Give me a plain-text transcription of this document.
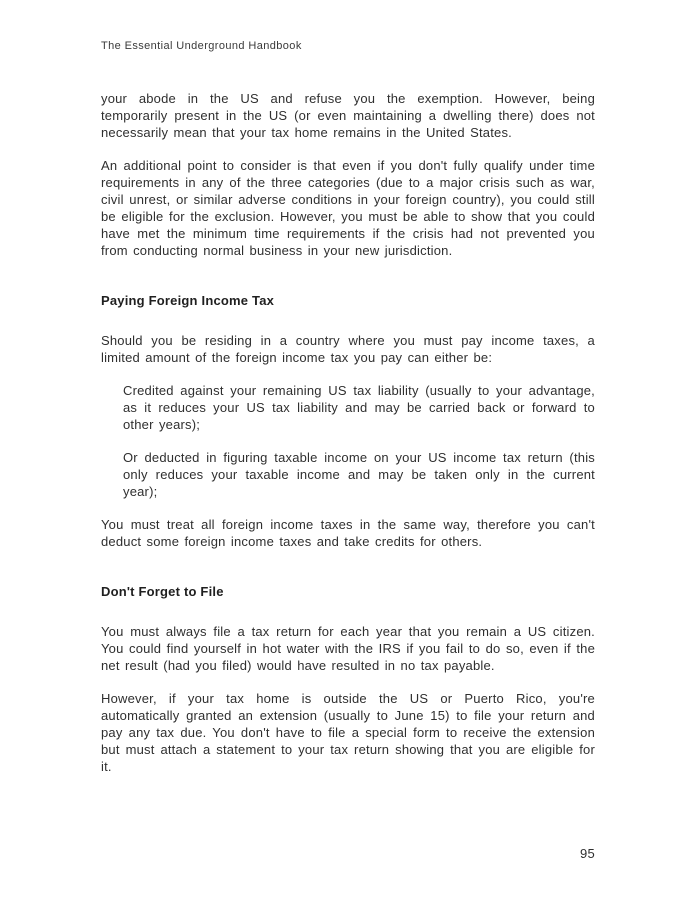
The Essential Underground Handbook

your abode in the US and refuse you the exemption. However, being temporarily present in the US (or even maintaining a dwelling there) does not necessarily mean that your tax home remains in the United States.

An additional point to consider is that even if you don't fully qualify under time requirements in any of the three categories (due to a major crisis such as war, civil unrest, or similar adverse conditions in your foreign country), you could still be eligible for the exclusion. However, you must be able to show that you could have met the minimum time requirements if the crisis had not prevented you from conducting normal business in your new jurisdiction.

Paying Foreign Income Tax

Should you be residing in a country where you must pay income taxes, a limited amount of the foreign income tax you pay can either be:

Credited against your remaining US tax liability (usually to your advantage, as it reduces your US tax liability and may be carried back or forward to other years);

Or deducted in figuring taxable income on your US income tax return (this only reduces your taxable income and may be taken only in the current year);

You must treat all foreign income taxes in the same way, therefore you can't deduct some foreign income taxes and take credits for others.

Don't Forget to File

You must always file a tax return for each year that you remain a US citizen. You could find yourself in hot water with the IRS if you fail to do so, even if the net result (had you filed) would have resulted in no tax payable.

However, if your tax home is outside the US or Puerto Rico, you're automatically granted an extension (usually to June 15) to file your return and pay any tax due. You don't have to file a special form to receive the extension but must attach a statement to your tax return showing that you are eligible for it.

95
